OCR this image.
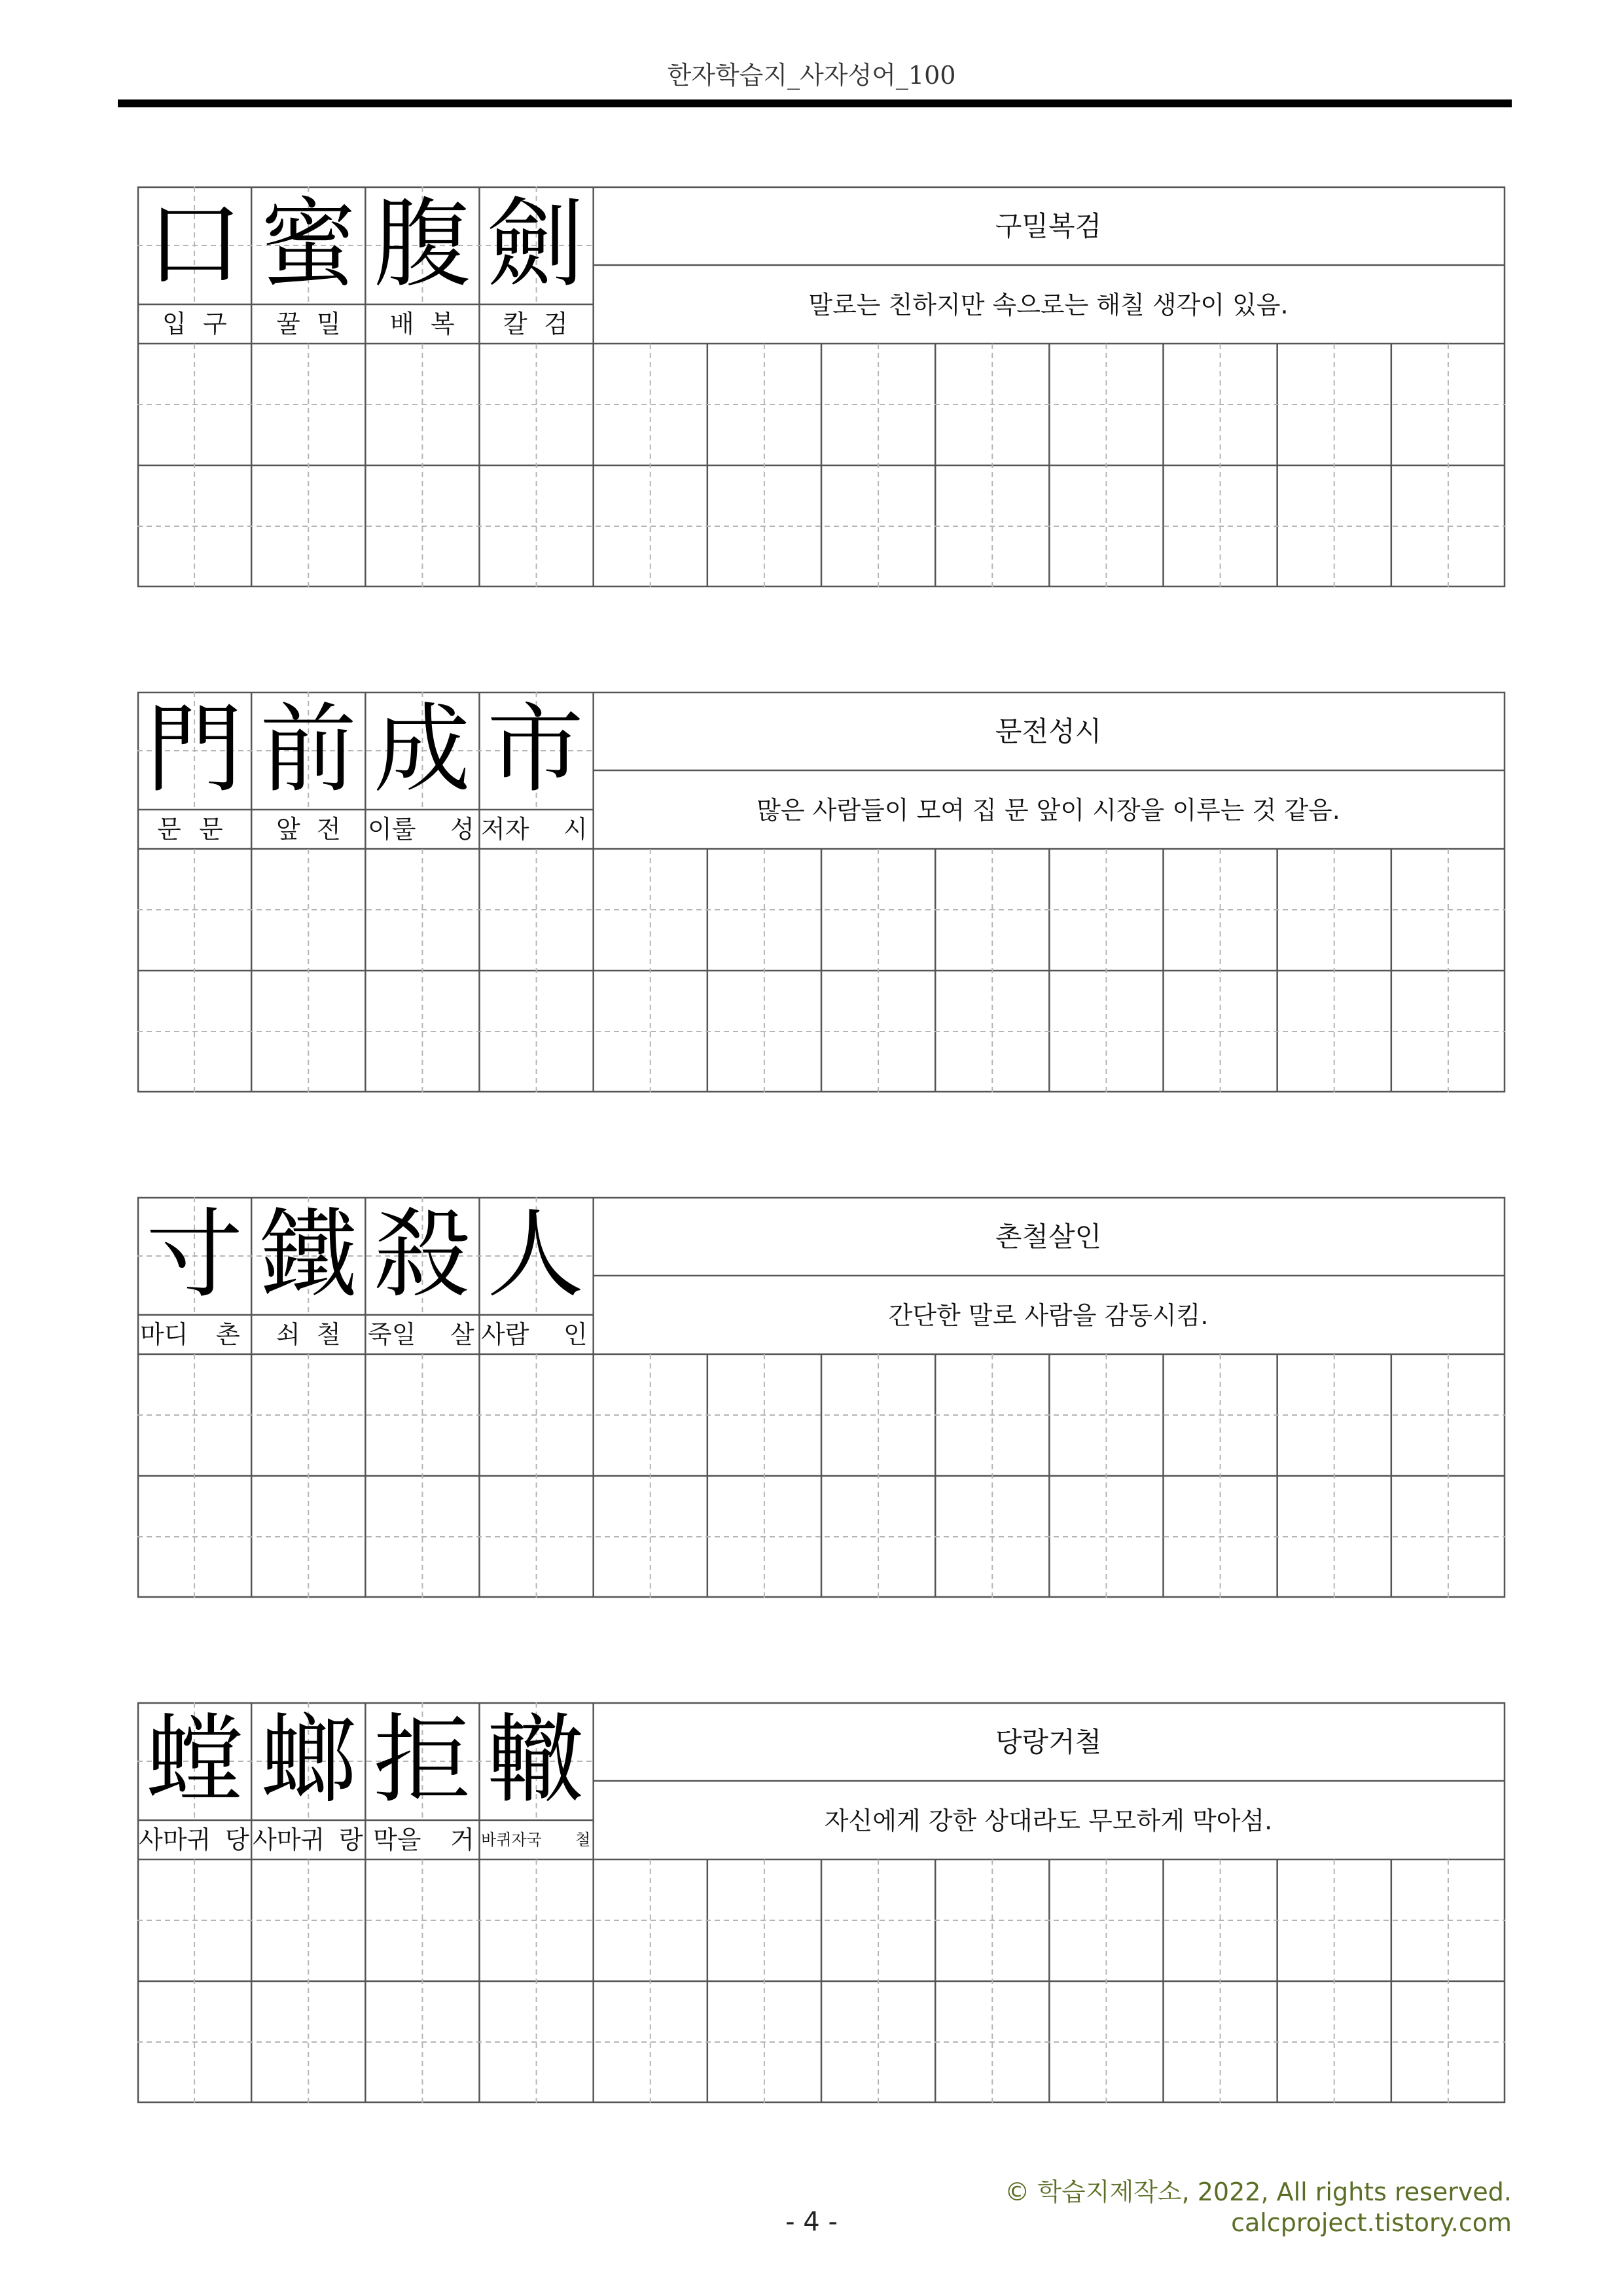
한자학습지_사자성어_100
口 蜜 腹 劍
입 구 꿀 밀 배 복 칼 검
구밀복검
말로는 친하지만 속으로는 해칠 생각이 있음.
門 前 成 市
문 문 앞 전 이룰 성 저자 시
문전성시
많은 사람들이 모여 집 문 앞이 시장을 이루는 것 같음.
寸 鐵 殺 人
마디 촌 쇠 철 죽일 살 사람 인
촌철살인
간단한 말로 사람을 감동시킴.
螳 螂 拒 轍
사마귀 당 사마귀 랑 막을 거 바퀴자국 철
당랑거철
자신에게 강한 상대라도 무모하게 막아섬.
- 4 -
© 학습지제작소, 2022, All rights reserved.
calcproject.tistory.com
